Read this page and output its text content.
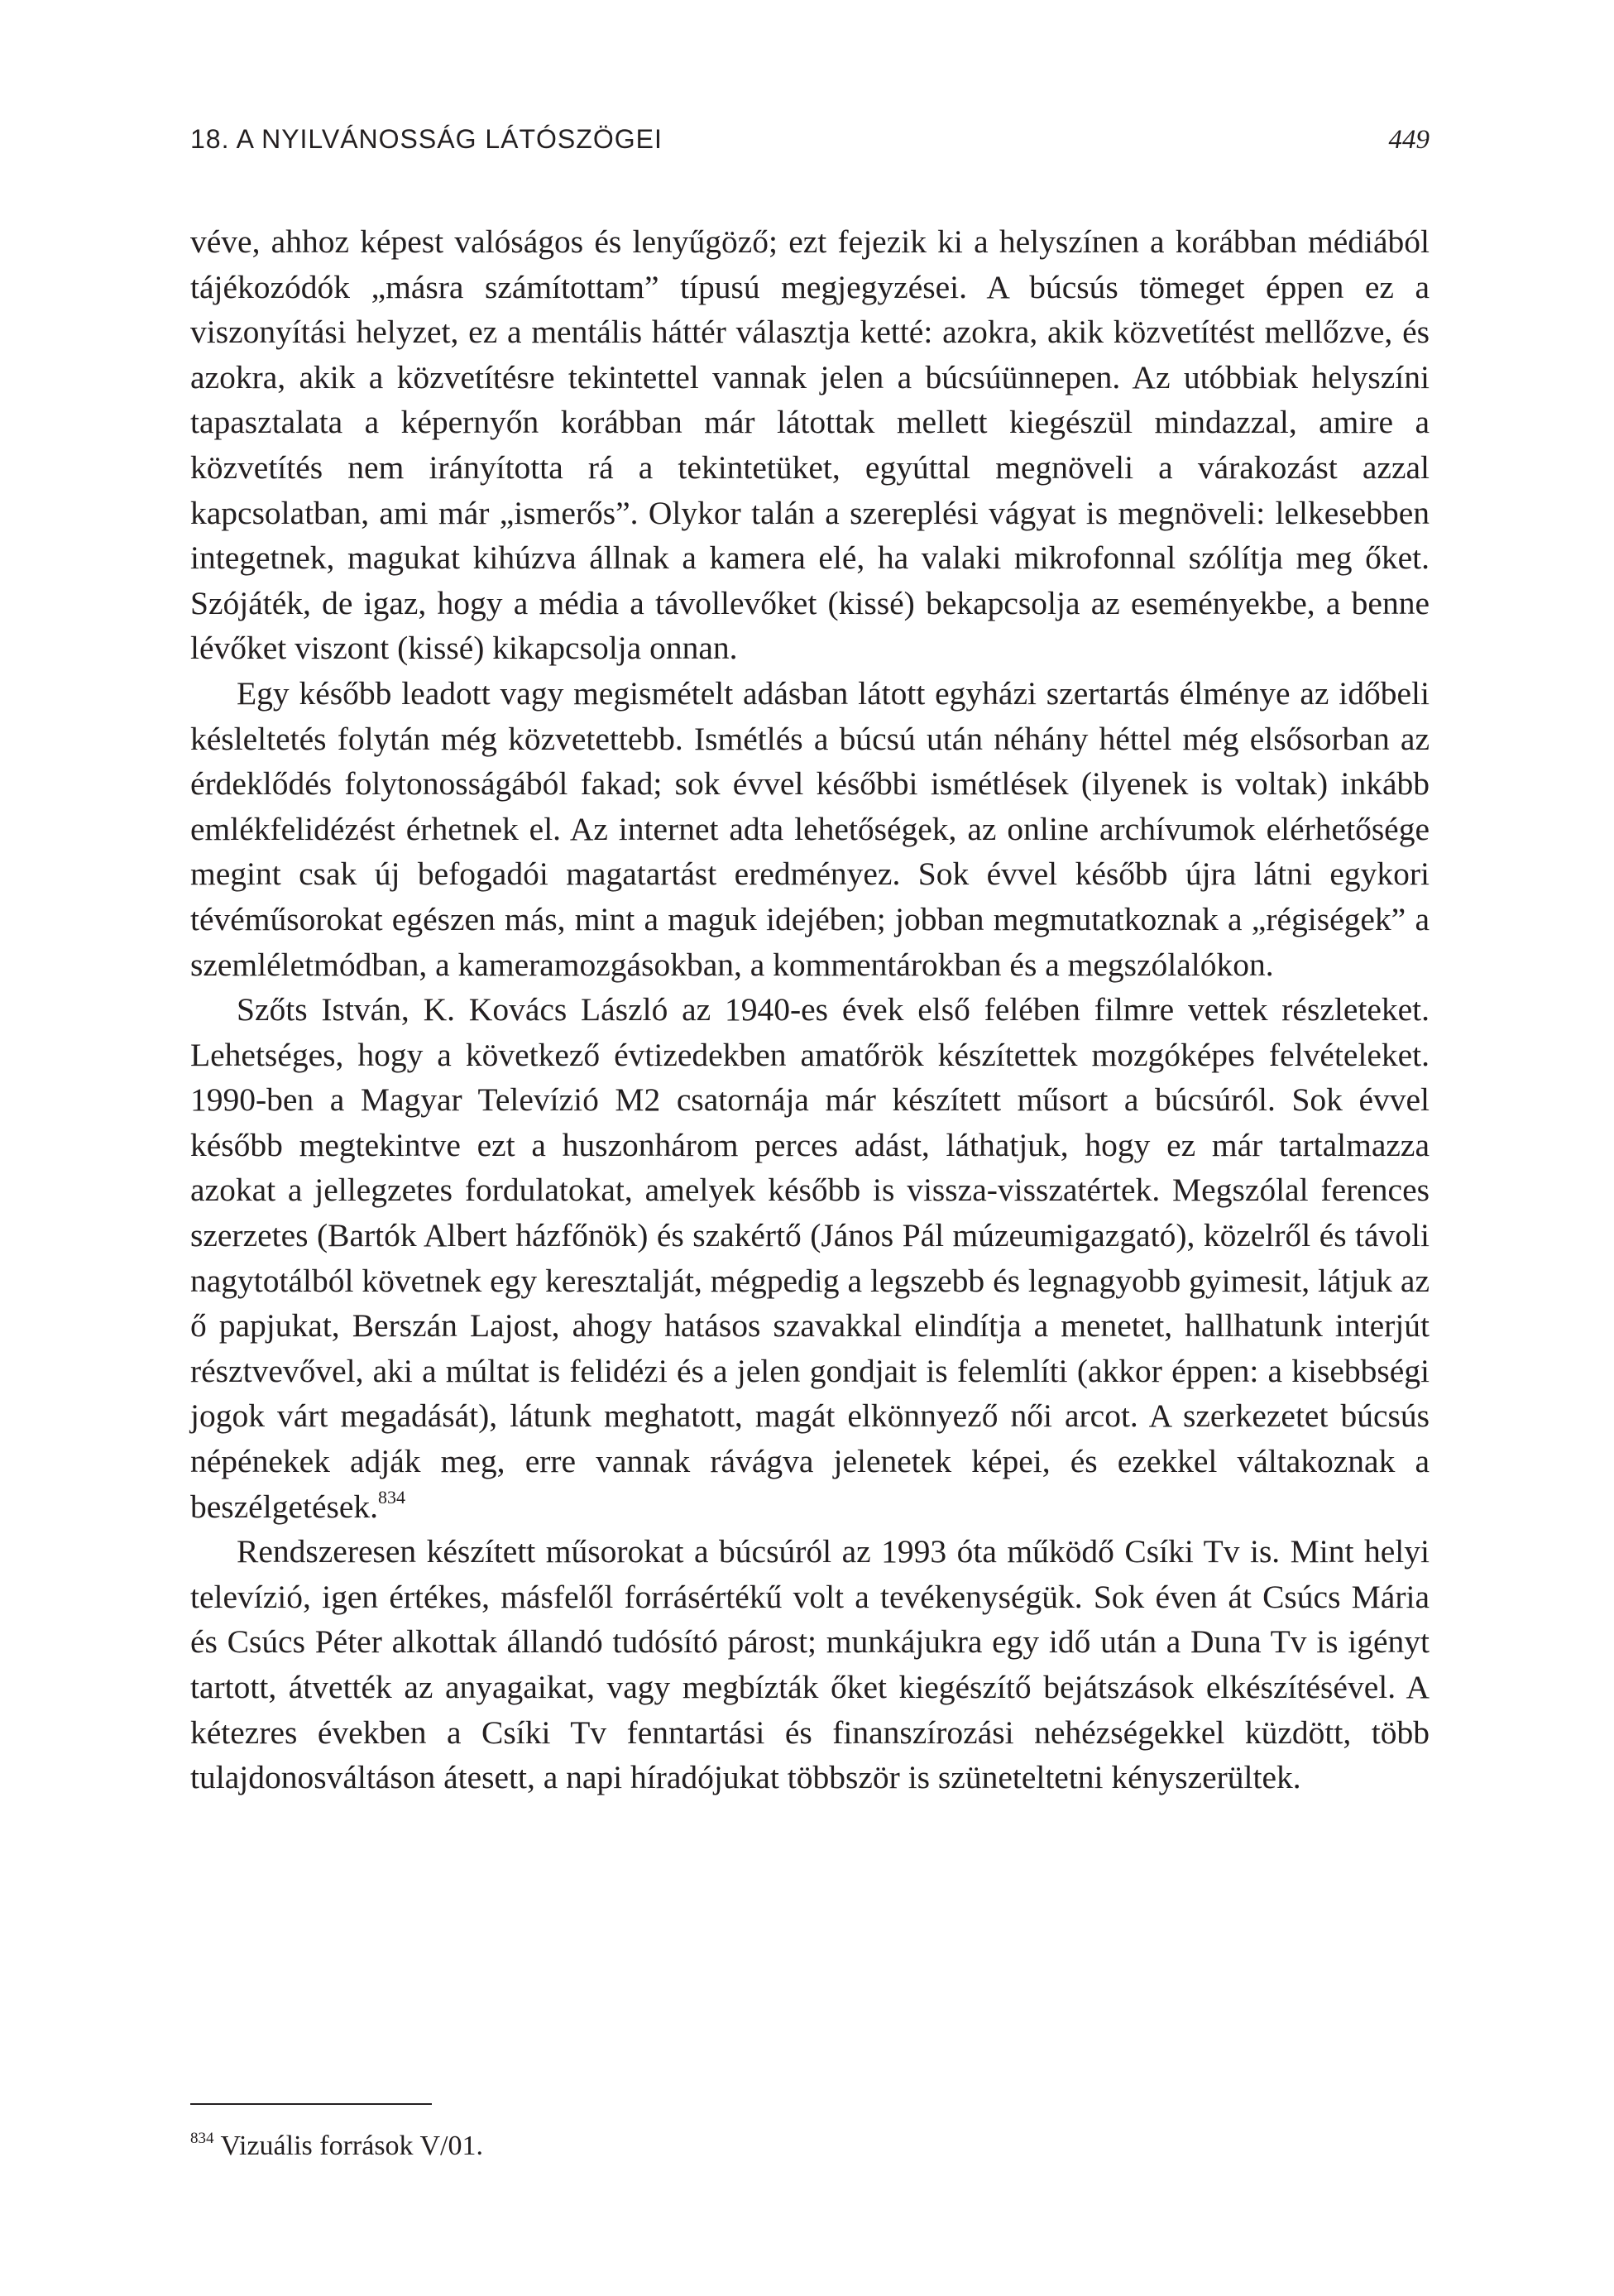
18. A NYILVÁNOSSÁG LÁTÓSZÖGEI	449

véve, ahhoz képest valóságos és lenyűgöző; ezt fejezik ki a helyszínen a korábban médiából tájékozódók „másra számítottam” típusú megjegyzései. A búcsús tömeget éppen ez a viszonyítási helyzet, ez a mentális háttér választja ketté: azokra, akik közvetítést mellőzve, és azokra, akik a közvetítésre tekintettel vannak jelen a búcsúünnepen. Az utóbbiak helyszíni tapasztalata a képernyőn korábban már látottak mellett kiegészül mindazzal, amire a közvetítés nem irányította rá a tekintetüket, egyúttal megnöveli a várakozást azzal kapcsolatban, ami már „ismerős”. Olykor talán a szereplési vágyat is megnöveli: lelkesebben integetnek, magukat kihúzva állnak a kamera elé, ha valaki mikrofonnal szólítja meg őket. Szójáték, de igaz, hogy a média a távollevőket (kissé) bekapcsolja az eseményekbe, a benne lévőket viszont (kissé) kikapcsolja onnan.

Egy később leadott vagy megismételt adásban látott egyházi szertartás élménye az időbeli késleltetés folytán még közvetettebb. Ismétlés a búcsú után néhány héttel még elsősorban az érdeklődés folytonosságából fakad; sok évvel későbbi ismétlések (ilyenek is voltak) inkább emlékfelidézést érhetnek el. Az internet adta lehetőségek, az online archívumok elérhetősége megint csak új befogadói magatartást eredményez. Sok évvel később újra látni egykori tévéműsorokat egészen más, mint a maguk idejében; jobban megmutatkoznak a „régiségek” a szemléletmódban, a kameramozgásokban, a kommentárokban és a megszólalókon.

Szőts István, K. Kovács László az 1940-es évek első felében filmre vettek részleteket. Lehetséges, hogy a következő évtizedekben amatőrök készítettek mozgóképes felvételeket. 1990-ben a Magyar Televízió M2 csatornája már készített műsort a búcsúról. Sok évvel később megtekintve ezt a huszonhárom perces adást, láthatjuk, hogy ez már tartalmazza azokat a jellegzetes fordulatokat, amelyek később is vissza-visszatértek. Megszólal ferences szerzetes (Bartók Albert házfőnök) és szakértő (János Pál múzeumigazgató), közelről és távoli nagytotálból követnek egy keresztalját, mégpedig a legszebb és legnagyobb gyimesit, látjuk az ő papjukat, Berszán Lajost, ahogy hatásos szavakkal elindítja a menetet, hallhatunk interjút résztvevővel, aki a múltat is felidézi és a jelen gondjait is felemlíti (akkor éppen: a kisebbségi jogok várt megadását), látunk meghatott, magát elkönnyező női arcot. A szerkezetet búcsús népénekek adják meg, erre vannak rávágva jelenetek képei, és ezekkel váltakoznak a beszélgetések.$^{834}$

Rendszeresen készített műsorokat a búcsúról az 1993 óta működő Csíki Tv is. Mint helyi televízió, igen értékes, másfelől forrásértékű volt a tevékenységük. Sok éven át Csúcs Mária és Csúcs Péter alkottak állandó tudósító párost; munkájukra egy idő után a Duna Tv is igényt tartott, átvették az anyagaikat, vagy megbízták őket kiegészítő bejátszások elkészítésével. A kétezres években a Csíki Tv fenntartási és finanszírozási nehézségekkel küzdött, több tulajdonosváltáson átesett, a napi híradójukat többször is szüneteltetni kényszerültek.

$^{834}$ Vizuális források V/01.
